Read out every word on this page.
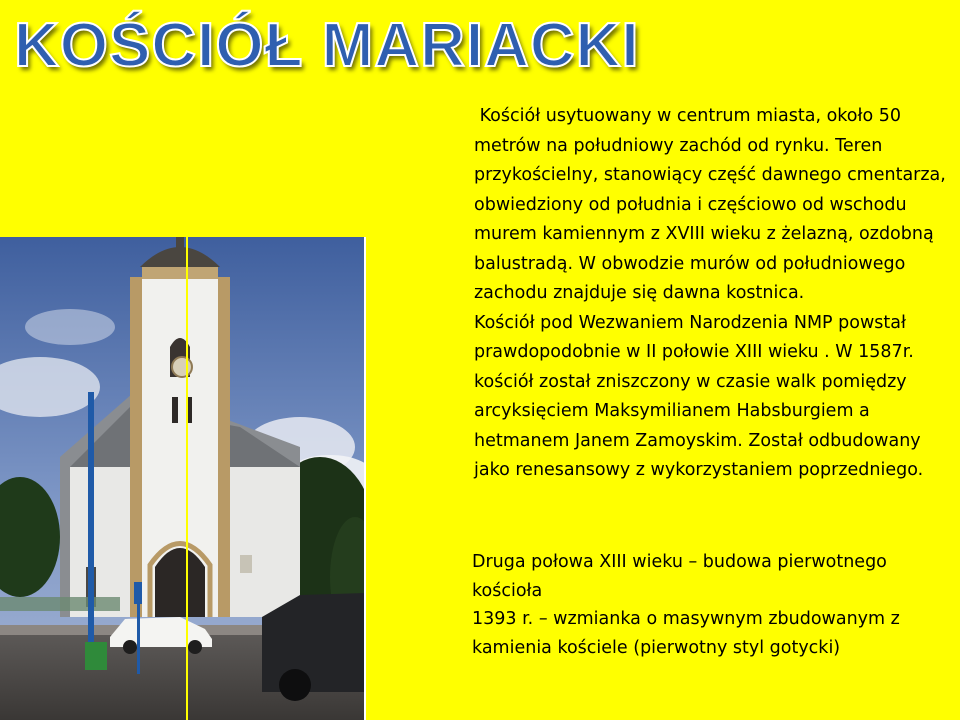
KOŚCIÓŁ MARIACKI

Kościół usytuowany w centrum miasta, około 50 metrów na południowy zachód od rynku. Teren przykościelny, stanowiący część dawnego cmentarza, obwiedziony od południa i częściowo od wschodu murem kamiennym z XVIII wieku z żelazną, ozdobną balustradą. W obwodzie murów od południowego zachodu znajduje się dawna kostnica.

Kościół pod Wezwaniem Narodzenia NMP powstał prawdopodobnie w II połowie XIII wieku . W 1587r. kościół został zniszczony w czasie walk pomiędzy arcyksięciem Maksymilianem Habsburgiem a hetmanem Janem Zamoyskim. Został odbudowany jako renesansowy z wykorzystaniem poprzedniego.

Druga połowa XIII wieku – budowa pierwotnego kościoła

1393 r. – wzmianka o masywnym zbudowanym z kamienia kościele (pierwotny styl gotycki)
